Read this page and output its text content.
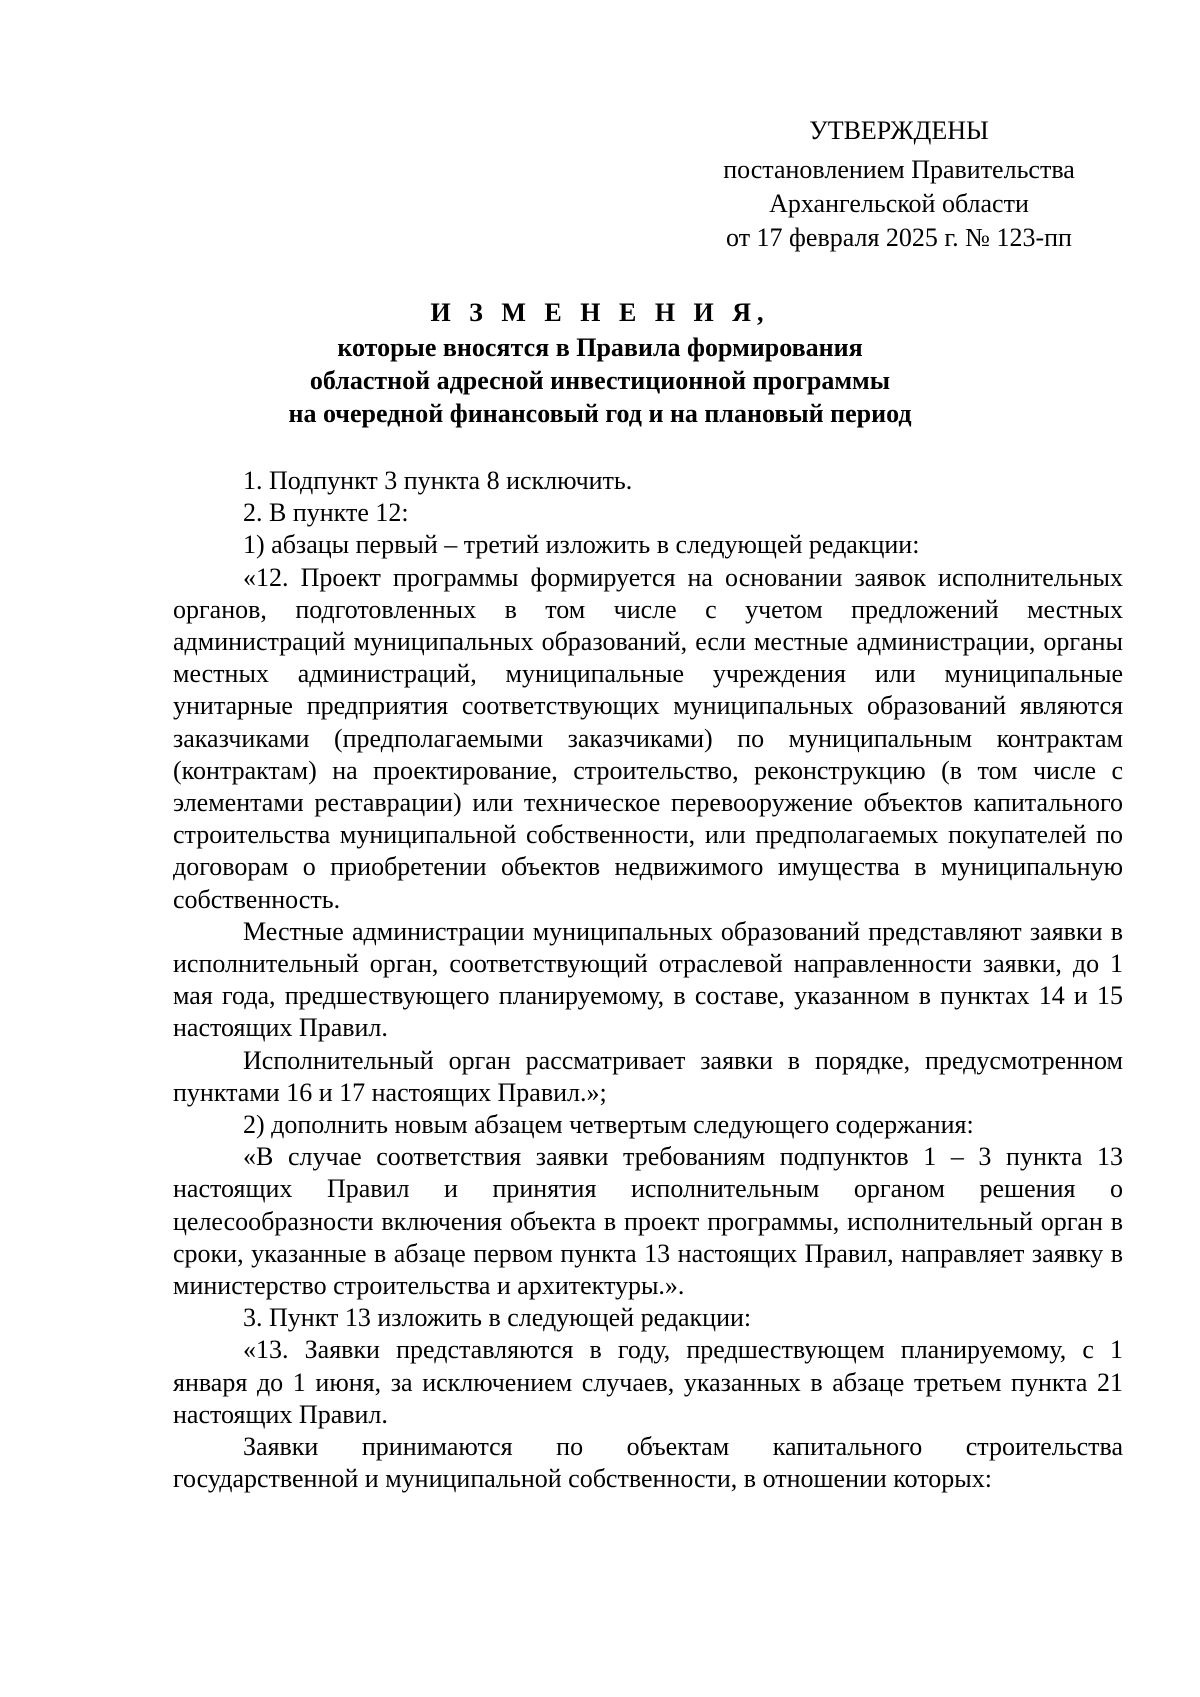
УТВЕРЖДЕНЫ
постановлением Правительства
Архангельской области
от 17 февраля 2025 г. № 123-пп
И З М Е Н Е Н И Я,
которые вносятся в Правила формирования
областной адресной инвестиционной программы
на очередной финансовый год и на плановый период

1. Подпункт 3 пункта 8 исключить.

2. В пункте 12:

1) абзацы первый – третий изложить в следующей редакции:

«12. Проект программы формируется на основании заявок исполнительных органов, подготовленных в том числе с учетом предложений местных администраций муниципальных образований, если местные администрации, органы местных администраций, муниципальные учреждения или муниципальные унитарные предприятия соответствующих муниципальных образований являются заказчиками (предполагаемыми заказчиками) по муниципальным контрактам (контрактам) на проектирование, строительство, реконструкцию (в том числе с элементами реставрации) или техническое перевооружение объектов капитального строительства муниципальной собственности, или предполагаемых покупателей по договорам о приобретении объектов недвижимого имущества в муниципальную собственность.

Местные администрации муниципальных образований представляют заявки в исполнительный орган, соответствующий отраслевой направленности заявки, до 1 мая года, предшествующего планируемому, в составе, указанном в пунктах 14 и 15 настоящих Правил.

Исполнительный орган рассматривает заявки в порядке, предусмотренном пунктами 16 и 17 настоящих Правил.»;

2) дополнить новым абзацем четвертым следующего содержания:

«В случае соответствия заявки требованиям подпунктов 1 – 3 пункта 13 настоящих Правил и принятия исполнительным органом решения о целесообразности включения объекта в проект программы, исполнительный орган в сроки, указанные в абзаце первом пункта 13 настоящих Правил, направляет заявку в министерство строительства и архитектуры.».

3. Пункт 13 изложить в следующей редакции:

«13. Заявки представляются в году, предшествующем планируемому, с 1 января до 1 июня, за исключением случаев, указанных в абзаце третьем пункта 21 настоящих Правил.

Заявки принимаются по объектам капитального строительства государственной и муниципальной собственности, в отношении которых:
